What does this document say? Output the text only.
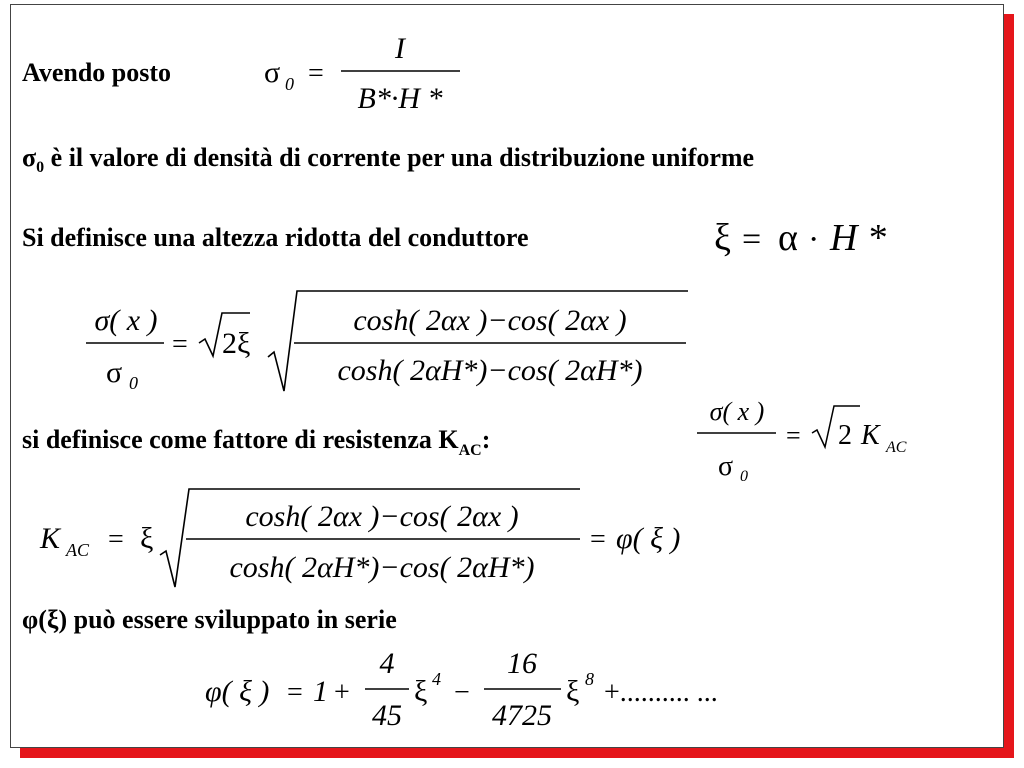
Avendo posto	σ 0 =
I
B*·H *
$\sigma_0$ è il valore di densità di corrente per una distribuzione uniforme
Si definisce una altezza ridotta del conduttore	ξ = α · H *
σ( x )
σ 0
= 2ξ
cosh( 2αx )−cos( 2αx )
cosh( 2αH*)−cos( 2αH*)
si definisce come fattore di resistenza $K_{AC}$:
σ( x )
σ 0
= 2 K AC
K AC = ξ
cosh( 2αx )−cos( 2αx )
cosh( 2αH*)−cos( 2αH*)
= φ( ξ )
φ(ξ) può essere sviluppato in serie
φ( ξ ) = 1 +
4
45
ξ 4 −
16
4725
ξ 8 +.......... ...
